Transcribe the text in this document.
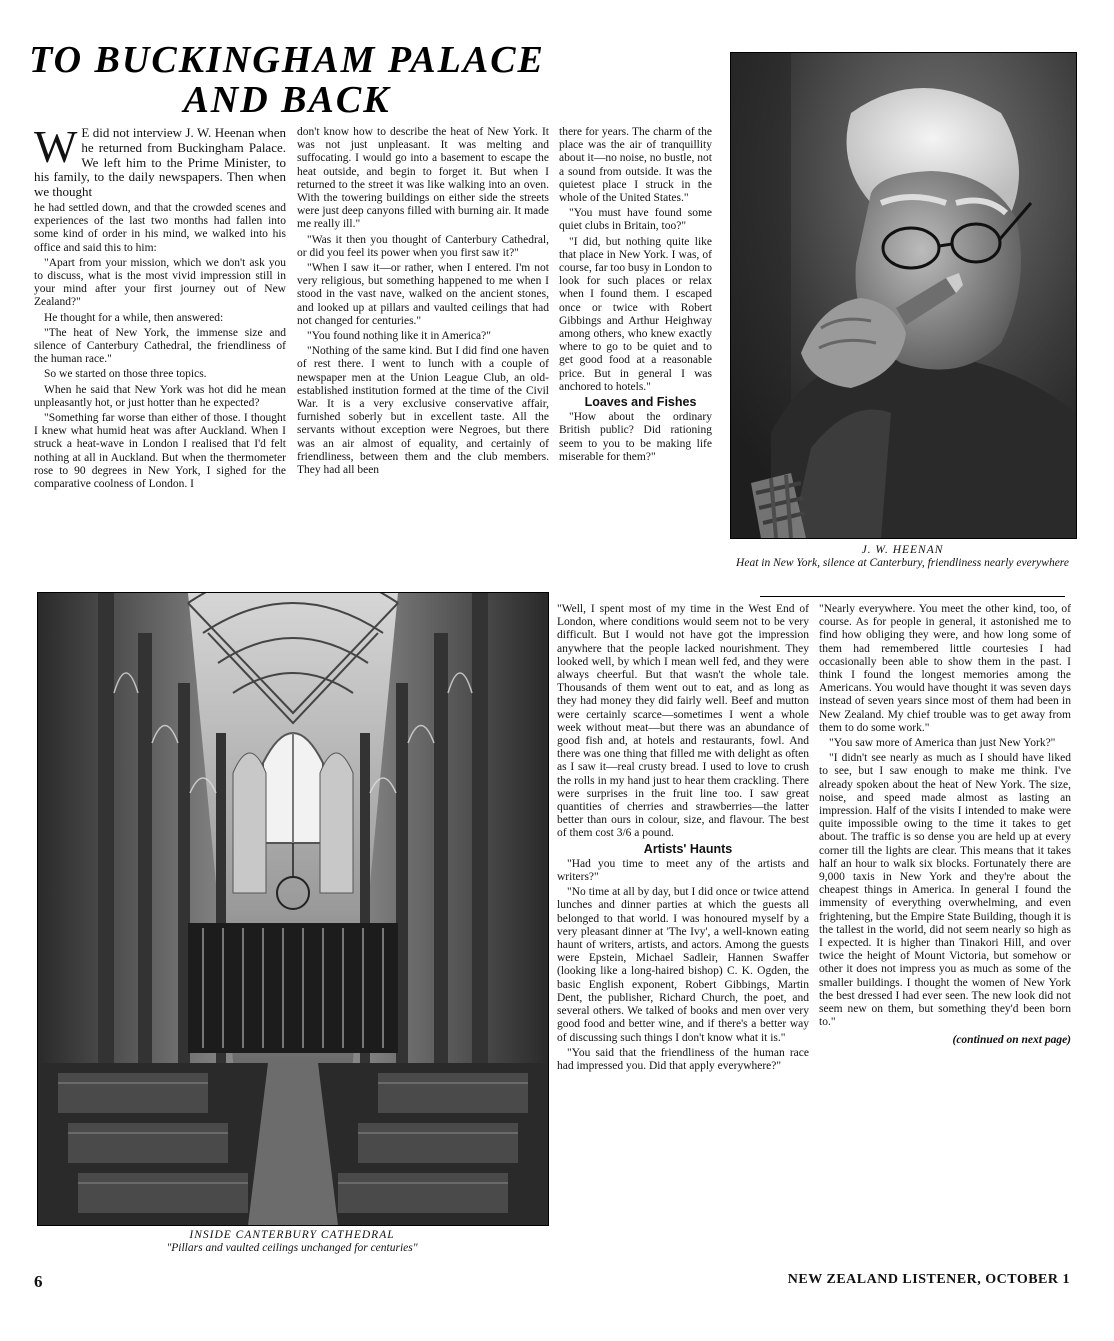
TO BUCKINGHAM PALACE
AND BACK

W E did not interview J. W. Heenan when he returned from Buckingham Palace. We left him to the Prime Minister, to his family, to the daily newspapers. Then when we thought

he had settled down, and that the crowded scenes and experiences of the last two months had fallen into some kind of order in his mind, we walked into his office and said this to him:

"Apart from your mission, which we don't ask you to discuss, what is the most vivid impression still in your mind after your first journey out of New Zealand?"

He thought for a while, then answered:

"The heat of New York, the immense size and silence of Canterbury Cathedral, the friendliness of the human race."

So we started on those three topics.

When he said that New York was hot did he mean unpleasantly hot, or just hotter than he expected?

"Something far worse than either of those. I thought I knew what humid heat was after Auckland. When I struck a heat-wave in London I realised that I'd felt nothing at all in Auckland. But when the thermometer rose to 90 degrees in New York, I sighed for the comparative coolness of London. I

don't know how to describe the heat of New York. It was not just unpleasant. It was melting and suffocating. I would go into a basement to escape the heat outside, and begin to forget it. But when I returned to the street it was like walking into an oven. With the towering buildings on either side the streets were just deep canyons filled with burning air. It made me really ill."

"Was it then you thought of Canterbury Cathedral, or did you feel its power when you first saw it?"

"When I saw it—or rather, when I entered. I'm not very religious, but something happened to me when I stood in the vast nave, walked on the ancient stones, and looked up at pillars and vaulted ceilings that had not changed for centuries."

"You found nothing like it in America?"

"Nothing of the same kind. But I did find one haven of rest there. I went to lunch with a couple of newspaper men at the Union League Club, an old-established institution formed at the time of the Civil War. It is a very exclusive conservative affair, furnished soberly but in excellent taste. All the servants without exception were Negroes, but there was an air almost of equality, and certainly of friendliness, between them and the club members. They had all been

there for years. The charm of the place was the air of tranquillity about it—no noise, no bustle, not a sound from outside. It was the quietest place I struck in the whole of the United States."

"You must have found some quiet clubs in Britain, too?"

"I did, but nothing quite like that place in New York. I was, of course, far too busy in London to look for such places or relax when I found them. I escaped once or twice with Robert Gibbings and Arthur Heighway among others, who knew exactly where to go to be quiet and to get good food at a reasonable price. But in general I was anchored to hotels."

Loaves and Fishes

"How about the ordinary British public? Did rationing seem to you to be making life miserable for them?"

J. W. HEENAN
Heat in New York, silence at Canterbury, friendliness nearly everywhere
INSIDE CANTERBURY CATHEDRAL
"Pillars and vaulted ceilings unchanged for centuries"

"Well, I spent most of my time in the West End of London, where conditions would seem not to be very difficult. But I would not have got the impression anywhere that the people lacked nourishment. They looked well, by which I mean well fed, and they were always cheerful. But that wasn't the whole tale. Thousands of them went out to eat, and as long as they had money they did fairly well. Beef and mutton were certainly scarce—sometimes I went a whole week without meat—but there was an abundance of good fish and, at hotels and restaurants, fowl. And there was one thing that filled me with delight as often as I saw it—real crusty bread. I used to love to crush the rolls in my hand just to hear them crackling. There were surprises in the fruit line too. I saw great quantities of cherries and strawberries—the latter better than ours in colour, size, and flavour. The best of them cost 3/6 a pound.

Artists' Haunts

"Had you time to meet any of the artists and writers?"

"No time at all by day, but I did once or twice attend lunches and dinner parties at which the guests all belonged to that world. I was honoured myself by a very pleasant dinner at 'The Ivy', a well-known eating haunt of writers, artists, and actors. Among the guests were Epstein, Michael Sadleir, Hannen Swaffer (looking like a long-haired bishop) C. K. Ogden, the basic English exponent, Robert Gibbings, Martin Dent, the publisher, Richard Church, the poet, and several others. We talked of books and men over very good food and better wine, and if there's a better way of discussing such things I don't know what it is."

"You said that the friendliness of the human race had impressed you. Did that apply everywhere?"

"Nearly everywhere. You meet the other kind, too, of course. As for people in general, it astonished me to find how obliging they were, and how long some of them had remembered little courtesies I had occasionally been able to show them in the past. I think I found the longest memories among the Americans. You would have thought it was seven days instead of seven years since most of them had been in New Zealand. My chief trouble was to get away from them to do some work."

"You saw more of America than just New York?"

"I didn't see nearly as much as I should have liked to see, but I saw enough to make me think. I've already spoken about the heat of New York. The size, noise, and speed made almost as lasting an impression. Half of the visits I intended to make were quite impossible owing to the time it takes to get about. The traffic is so dense you are held up at every corner till the lights are clear. This means that it takes half an hour to walk six blocks. Fortunately there are 9,000 taxis in New York and they're about the cheapest things in America. In general I found the immensity of everything overwhelming, and even frightening, but the Empire State Building, though it is the tallest in the world, did not seem nearly so high as I expected. It is higher than Tinakori Hill, and over twice the height of Mount Victoria, but somehow or other it does not impress you as much as some of the smaller buildings. I thought the women of New York the best dressed I had ever seen. The new look did not seem new on them, but something they'd been born to."

(continued on next page)

6	NEW ZEALAND LISTENER, OCTOBER 1
